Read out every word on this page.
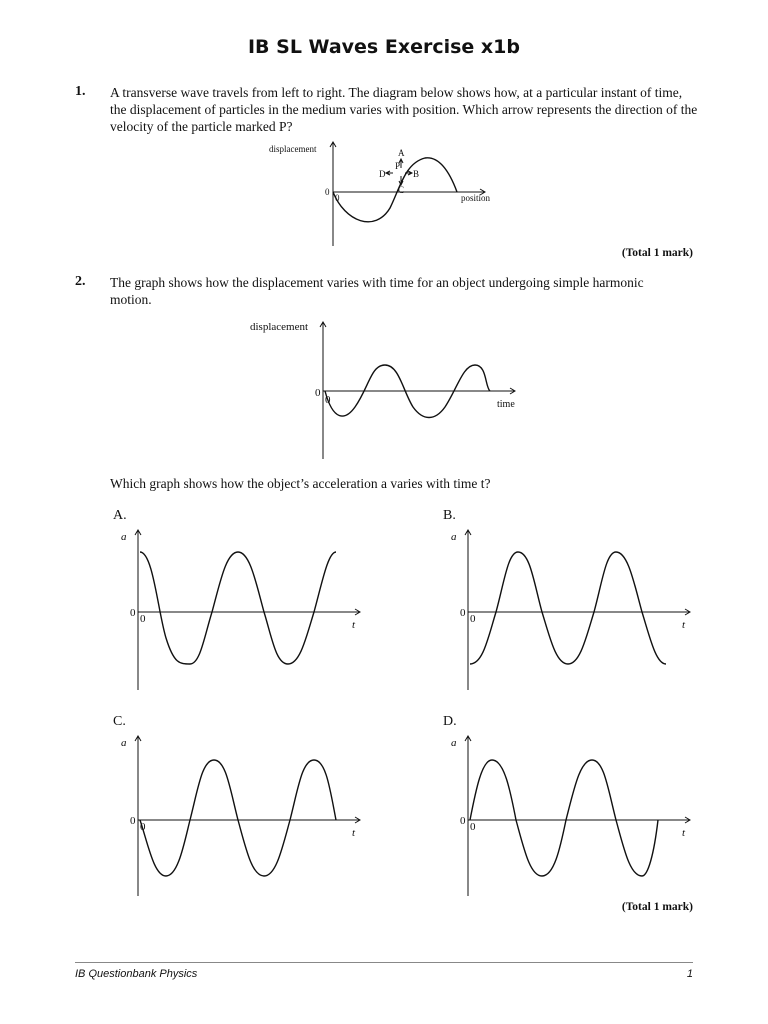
IB SL Waves Exercise x1b
1. A transverse wave travels from left to right. The diagram below shows how, at a particular instant of time, the displacement of particles in the medium varies with position. Which arrow represents the direction of the velocity of the particle marked P?
displacement
position
0
0
A
B
C
D
P
(Total 1 mark)
2. The graph shows how the displacement varies with time for an object undergoing simple harmonic motion.
displacement
time
0
0
Which graph shows how the object’s acceleration a varies with time t?
A.
a
t
0 0
B.
a
t
0 0
C.
a
t
0 0
D.
a
t
0 0
(Total 1 mark)
IB Questionbank Physics	1
